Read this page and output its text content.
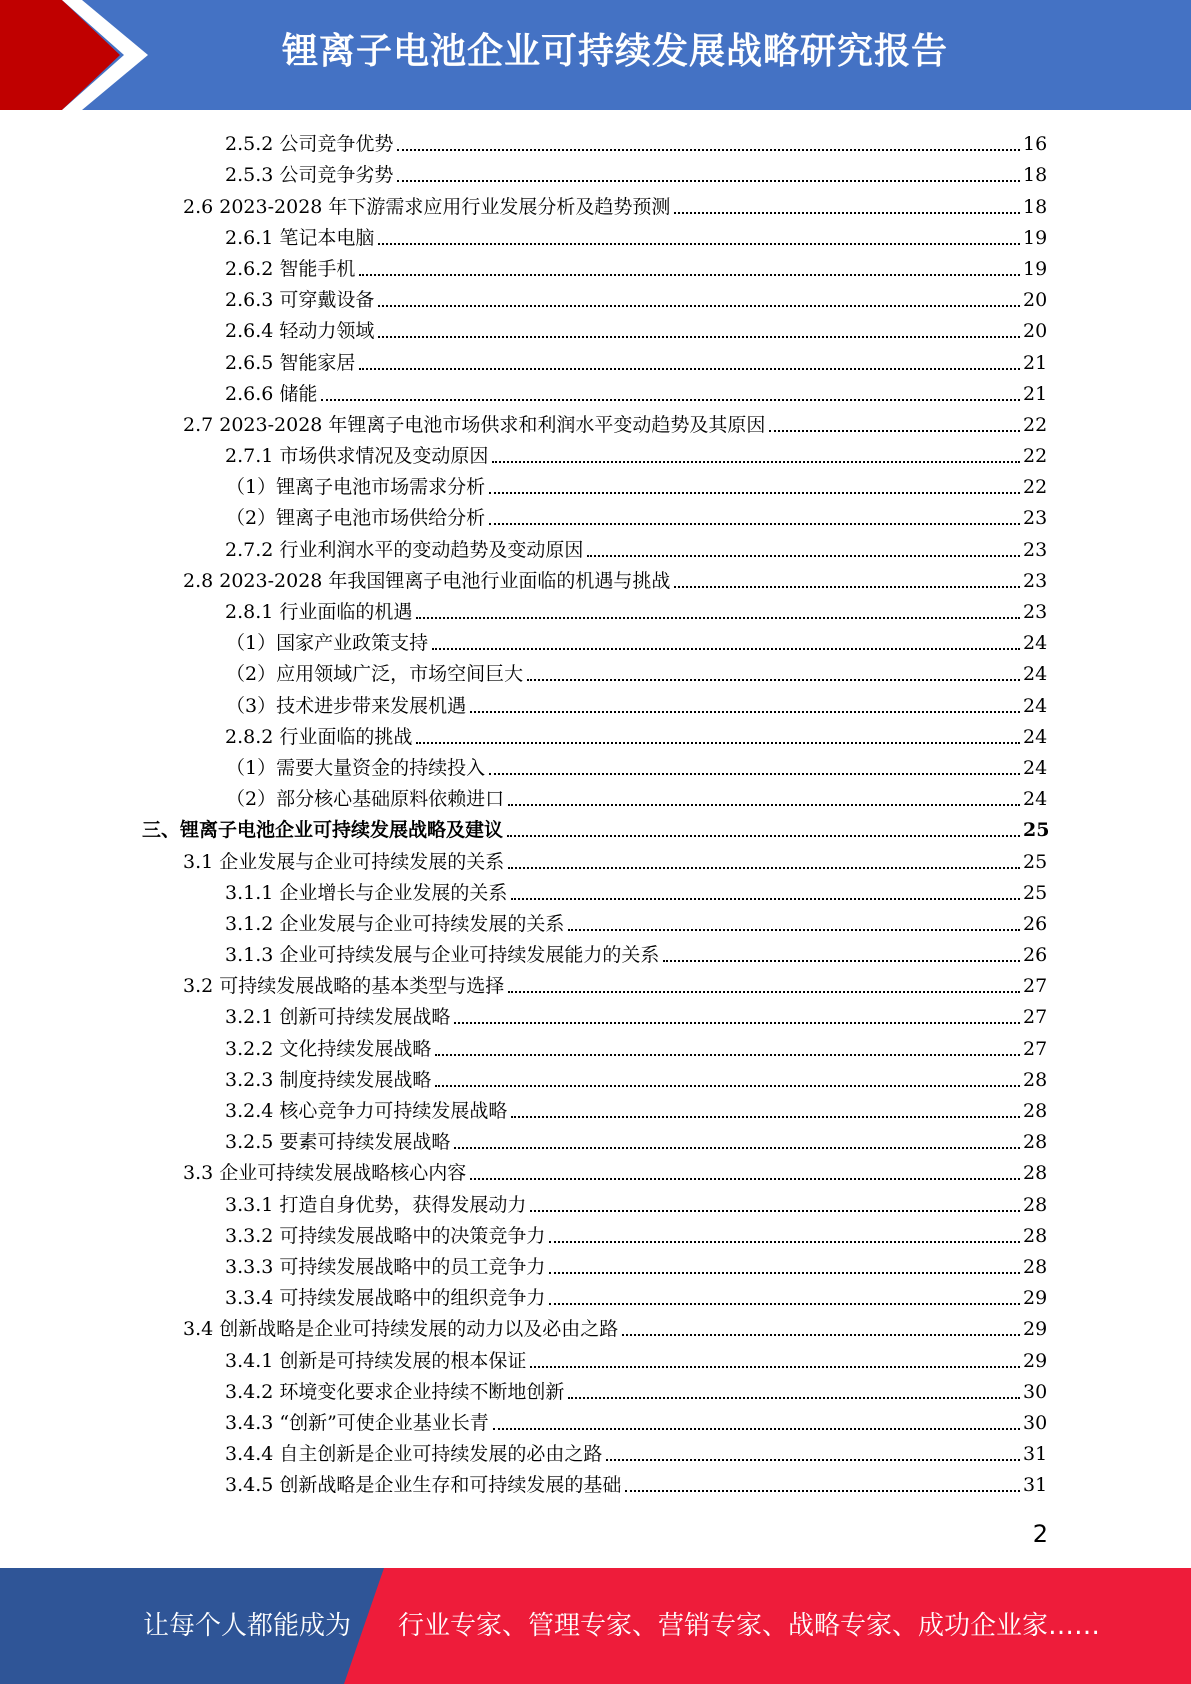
锂离子电池企业可持续发展战略研究报告
2.5.2 公司竞争优势	16
2.5.3 公司竞争劣势	18
2.6 2023-2028 年下游需求应用行业发展分析及趋势预测	18
2.6.1 笔记本电脑	19
2.6.2 智能手机	19
2.6.3 可穿戴设备	20
2.6.4 轻动力领域	20
2.6.5 智能家居	21
2.6.6 储能	21
2.7 2023-2028 年锂离子电池市场供求和利润水平变动趋势及其原因	22
2.7.1 市场供求情况及变动原因	22
（1）锂离子电池市场需求分析	22
（2）锂离子电池市场供给分析	23
2.7.2 行业利润水平的变动趋势及变动原因	23
2.8 2023-2028 年我国锂离子电池行业面临的机遇与挑战	23
2.8.1 行业面临的机遇	23
（1）国家产业政策支持	24
（2）应用领域广泛，市场空间巨大	24
（3）技术进步带来发展机遇	24
2.8.2 行业面临的挑战	24
（1）需要大量资金的持续投入	24
（2）部分核心基础原料依赖进口	24
三、锂离子电池企业可持续发展战略及建议	25
3.1 企业发展与企业可持续发展的关系	25
3.1.1 企业增长与企业发展的关系	25
3.1.2 企业发展与企业可持续发展的关系	26
3.1.3 企业可持续发展与企业可持续发展能力的关系	26
3.2 可持续发展战略的基本类型与选择	27
3.2.1 创新可持续发展战略	27
3.2.2 文化持续发展战略	27
3.2.3 制度持续发展战略	28
3.2.4 核心竞争力可持续发展战略	28
3.2.5 要素可持续发展战略	28
3.3 企业可持续发展战略核心内容	28
3.3.1 打造自身优势，获得发展动力	28
3.3.2 可持续发展战略中的决策竞争力	28
3.3.3 可持续发展战略中的员工竞争力	28
3.3.4 可持续发展战略中的组织竞争力	29
3.4 创新战略是企业可持续发展的动力以及必由之路	29
3.4.1 创新是可持续发展的根本保证	29
3.4.2 环境变化要求企业持续不断地创新	30
3.4.3 “创新”可使企业基业长青	30
3.4.4 自主创新是企业可持续发展的必由之路	31
3.4.5 创新战略是企业生存和可持续发展的基础	31
2
让每个人都能成为 行业专家、管理专家、营销专家、战略专家、成功企业家……
